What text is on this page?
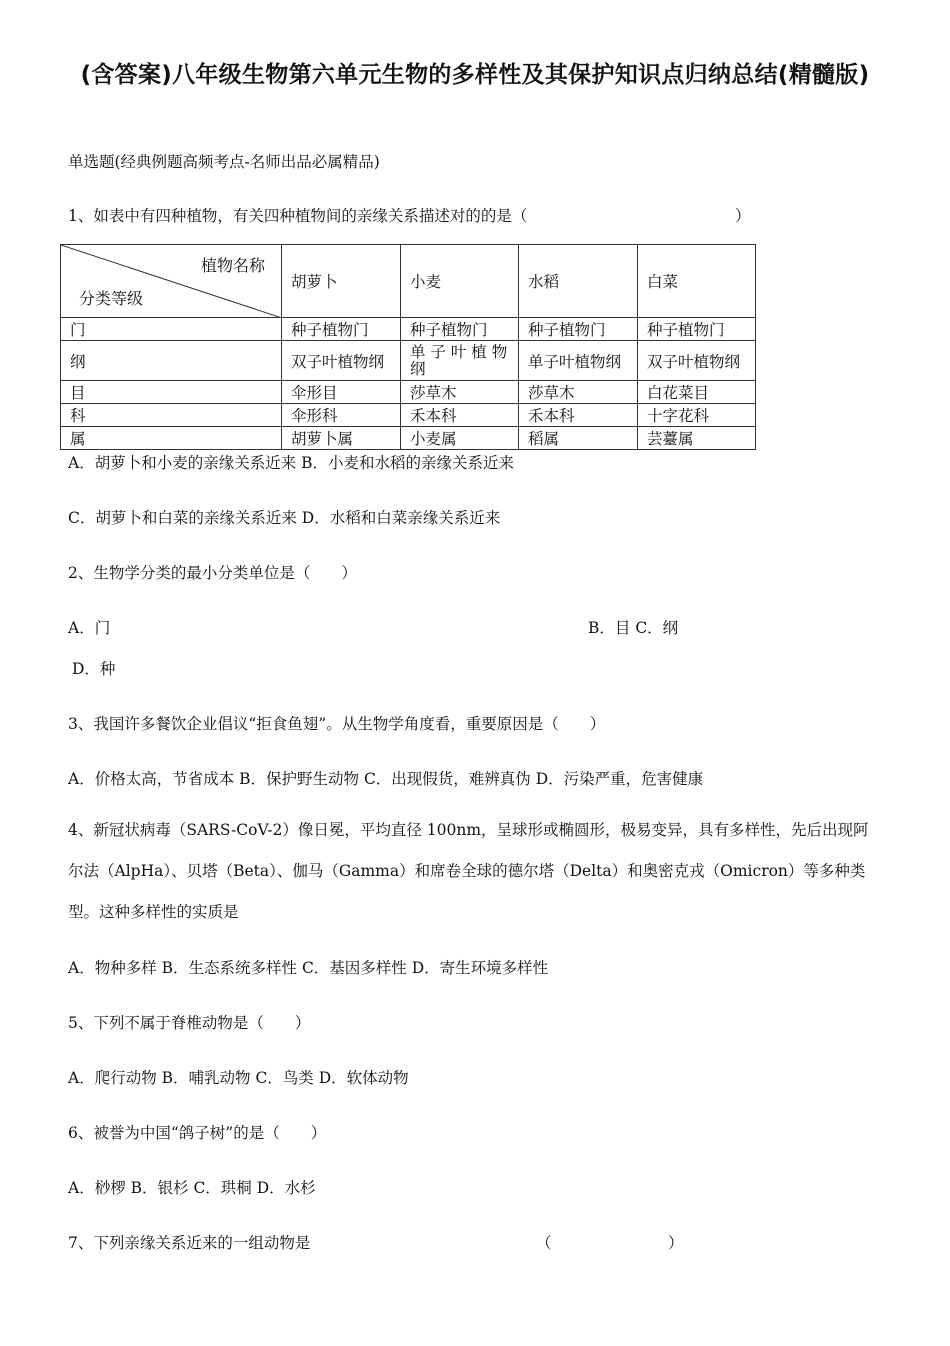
(含答案)八年级生物第六单元生物的多样性及其保护知识点归纳总结(精髓版)
单选题(经典例题高频考点-名师出品必属精品)
1、如表中有四种植物，有关四种植物间的亲缘关系描述对的的是（	）
植物名称
分类等级	胡萝卜	小麦	水稻	白菜
门	种子植物门	种子植物门	种子植物门	种子植物门
纲	双子叶植物纲	单 子 叶 植 物 纲	单子叶植物纲	双子叶植物纲
目	伞形目	莎草木	莎草木	白花菜目
科	伞形科	禾本科	禾本科	十字花科
属	胡萝卜属	小麦属	稻属	芸薹属
A．胡萝卜和小麦的亲缘关系近来 B．小麦和水稻的亲缘关系近来
C．胡萝卜和白菜的亲缘关系近来 D．水稻和白菜亲缘关系近来
2、生物学分类的最小分类单位是（　　）
A．门	B．目 C．纲
D．种
3、我国许多餐饮企业倡议“拒食鱼翅”。从生物学角度看，重要原因是（　　）
A．价格太高，节省成本 B．保护野生动物 C．出现假货，难辨真伪 D．污染严重，危害健康
4、新冠状病毒（SARS-CoV-2）像日冕，平均直径 100nm，呈球形或椭圆形，极易变异，具有多样性，先后出现阿尔法（AlpHa）、贝塔（Beta）、伽马（Gamma）和席卷全球的德尔塔（Delta）和奥密克戎（Omicron）等多种类型。这种多样性的实质是
A．物种多样 B．生态系统多样性 C．基因多样性 D．寄生环境多样性
5、下列不属于脊椎动物是（　　）
A．爬行动物 B．哺乳动物 C．鸟类 D．软体动物
6、被誉为中国“鸽子树”的是（　　）
A．桫椤 B．银杉 C．珙桐 D．水杉
7、下列亲缘关系近来的一组动物是	（	）
